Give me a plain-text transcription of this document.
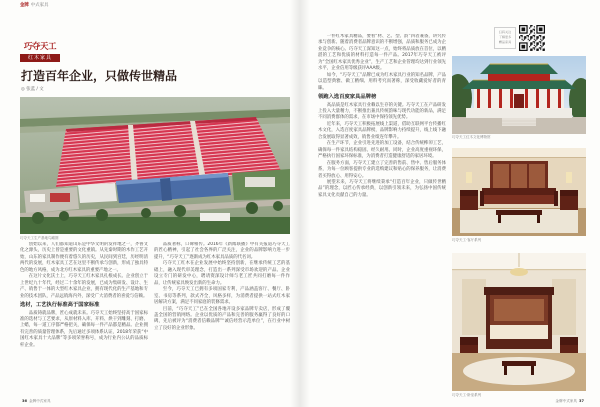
金牌 中式家具
巧夺天工
红木家具
打造百年企业，只做传世精品
◎ 张蓝 / 文
巧夺天工生产基地鸟瞰图

创始以来，人们都知道山东是中华文明的发祥地之一，齐鲁文化之源头，历史上曾是重要的文化重镇。从先秦时期的木作工艺开始，山东的家具制作便有着悠久的历史，从民间到宫廷，历经明清两代的发展，红木家具工艺在这里不断传承与创新，形成了独具特色的地方风格，成为北方红木家具的重要产地之一。

在这片文化沃土上，巧夺天工红木家具扎根成长。企业创立于上世纪九十年代，经过二十余年的发展，已成为集研发、设计、生产、销售于一体的大型红木家具企业，拥有现代化的生产基地和专业的技术团队，产品远销海内外，深受广大消费者的喜爱与信赖。

选材，工艺执行标准高于国家标准

品质铸就品牌，匠心成就未来。巧夺天工始终坚持高于国家标准的选材与工艺要求，从原材料入库、开料、烘干到雕刻、打磨、上蜡，每一道工序都严格把关，确保每一件产品都是精品。企业拥有完善的质量管理体系，先后通过多项体系认证，2018年荣获“中国红木家具十大品牌”等多项荣誉称号，成为行业内公认的品质标杆企业。

品质著称，口碑相传。2016年《新闻联播》中有关报道巧夺天工的匠心精神，引起了社会各界的广泛关注，企业的品牌影响力进一步提升，“巧夺天工”逐渐成为红木家具品质的代名词。

巧夺天工红木在企业发展中始终坚持创新，在继承传统工艺的基础上，融入现代审美理念，打造出一系列深受市场欢迎的产品。企业设立专门的研发中心，聘请资深设计师与老工匠共同打磨每一件作品，让传统家具焕发出新的生命力。

至今，巧夺天工已拥有多项国家专利，产品涵盖客厅、餐厅、卧室、书房等系列，款式齐全，风格多样，为消费者提供一站式红木家居解决方案，满足不同家庭的装修需求。

目前，“巧夺天工”已在全国各地开设多家品牌专卖店，形成了覆盖全国的营销网络。企业以优质的产品和完善的服务赢得了良好的口碑，先后被评为“消费者信赖品牌”“诚信经营示范单位”，在行业中树立了良好的企业形象。

36 金牌中式家具

一件红木家具精品，要看“材、艺、型、韵”四者兼备，讲究传承与创新。随着消费者品牌意识的不断增强，品质和服务已成为企业竞争的核心。巧夺天工深知这一点，始终将品质放在首位，以精湛的工艺和优质的材料打造每一件产品。2017年巧夺天工被评为“全国红木家具优秀企业”，生产工艺和企业管理均达到行业领先水平，企业信用等级获评AAA级。

如今，“巧夺天工”品牌已成为红木家具行业的知名品牌，产品以造型典雅、做工精细、用料考究而著称，深受收藏爱好者的青睐。

领跑入选百度家具品牌榜

高品质是红木家具行业赖以生存的关键。巧夺天工在产品研发上投入大量精力，不断推出兼具传统韵味与现代功能的新品，满足不同消费群体的需求，在市场中保持领先优势。

近年来，巧夺天工积极拓展线上渠道，借助互联网平台传播红木文化，入选百度家具品牌榜，品牌影响力持续提升，线上线下融合发展取得显著成效，销售业绩连年攀升。

在生产环节，企业引进先进的加工设备，结合传统榫卯工艺，确保每一件家具结构稳固、经久耐用。同时，企业高度重视环保，严格执行国家环保标准，为消费者打造健康舒适的家居环境。

在服务方面，巧夺天工建立了完善的售前、售中、售后服务体系，为每一位顾客提供专业的选购建议和贴心的保养服务，让消费者买得放心、用得安心。

展望未来，巧夺天工将继续秉承“打造百年企业，只做传世精品”的理念，以匠心传承经典，以创新引领未来，为弘扬中国传统家具文化贡献自己的力量。

扫码关注
了解更多
精品家具
巧夺天工红木文化博物馆
巧夺天工·客厅系列
巧夺天工·卧室系列
金牌中式家具 37
